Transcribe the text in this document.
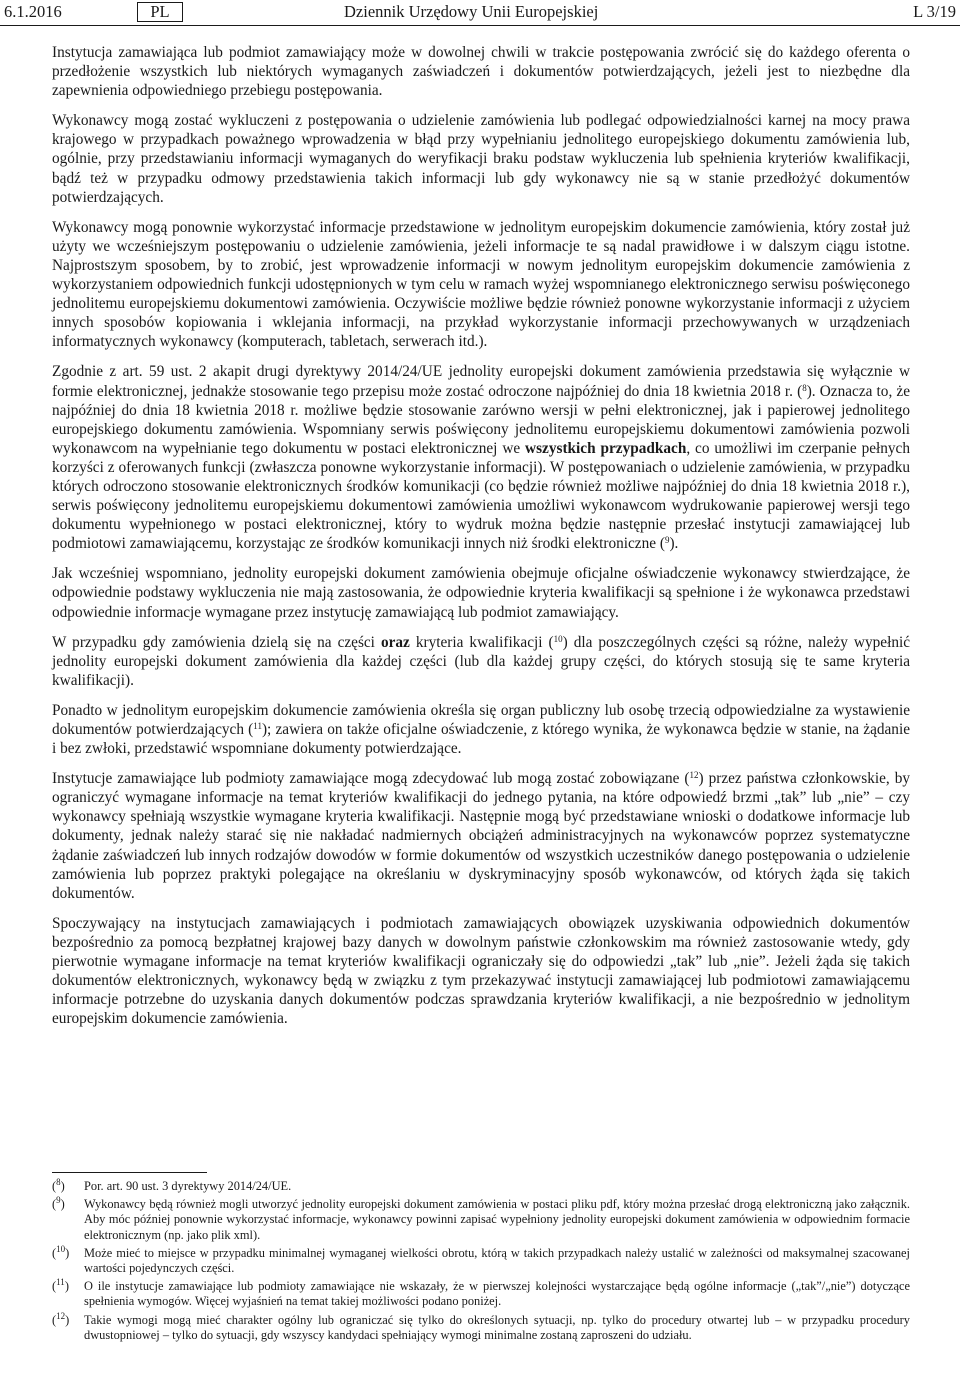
6.1.2016	PL	Dziennik Urzędowy Unii Europejskiej	L 3/19

Instytucja zamawiająca lub podmiot zamawiający może w dowolnej chwili w trakcie postępowania zwrócić się do każdego oferenta o przedłożenie wszystkich lub niektórych wymaganych zaświadczeń i dokumentów potwierdzających, jeżeli jest to niezbędne dla zapewnienia odpowiedniego przebiegu postępowania.

Wykonawcy mogą zostać wykluczeni z postępowania o udzielenie zamówienia lub podlegać odpowiedzialności karnej na mocy prawa krajowego w przypadkach poważnego wprowadzenia w błąd przy wypełnianiu jednolitego europejskiego dokumentu zamówienia lub, ogólnie, przy przedstawianiu informacji wymaganych do weryfikacji braku podstaw wykluczenia lub spełnienia kryteriów kwalifikacji, bądź też w przypadku odmowy przedstawienia takich informacji lub gdy wykonawcy nie są w stanie przedłożyć dokumentów potwierdzających.

Wykonawcy mogą ponownie wykorzystać informacje przedstawione w jednolitym europejskim dokumencie zamówienia, który został już użyty we wcześniejszym postępowaniu o udzielenie zamówienia, jeżeli informacje te są nadal prawidłowe i w dalszym ciągu istotne. Najprostszym sposobem, by to zrobić, jest wprowadzenie informacji w nowym jednolitym europejskim dokumencie zamówienia z wykorzystaniem odpowiednich funkcji udostępnionych w tym celu w ramach wyżej wspomnianego elektronicznego serwisu poświęconego jednolitemu europejskiemu dokumentowi zamówienia. Oczywiście możliwe będzie również ponowne wykorzystanie informacji z użyciem innych sposobów kopiowania i wklejania informacji, na przykład wykorzystanie informacji przechowywanych w urządzeniach informatycznych wykonawcy (komputerach, tabletach, serwerach itd.).

Zgodnie z art. 59 ust. 2 akapit drugi dyrektywy 2014/24/UE jednolity europejski dokument zamówienia przedstawia się wyłącznie w formie elektronicznej, jednakże stosowanie tego przepisu może zostać odroczone najpóźniej do dnia 18 kwietnia 2018 r. ($^8$). Oznacza to, że najpóźniej do dnia 18 kwietnia 2018 r. możliwe będzie stosowanie zarówno wersji w pełni elektronicznej, jak i papierowej jednolitego europejskiego dokumentu zamówienia. Wspomniany serwis poświęcony jednolitemu europejskiemu dokumentowi zamówienia pozwoli wykonawcom na wypełnianie tego dokumentu w postaci elektronicznej we wszystkich przypadkach, co umożliwi im czerpanie pełnych korzyści z oferowanych funkcji (zwłaszcza ponowne wykorzystanie informacji). W postępowaniach o udzielenie zamówienia, w przypadku których odroczono stosowanie elektronicznych środków komunikacji (co będzie również możliwe najpóźniej do dnia 18 kwietnia 2018 r.), serwis poświęcony jednolitemu europejskiemu dokumentowi zamówienia umożliwi wykonawcom wydrukowanie papierowej wersji tego dokumentu wypełnionego w postaci elektronicznej, który to wydruk można będzie następnie przesłać instytucji zamawiającej lub podmiotowi zamawiającemu, korzystając ze środków komunikacji innych niż środki elektroniczne ($^9$).

Jak wcześniej wspomniano, jednolity europejski dokument zamówienia obejmuje oficjalne oświadczenie wykonawcy stwierdzające, że odpowiednie podstawy wykluczenia nie mają zastosowania, że odpowiednie kryteria kwalifikacji są spełnione i że wykonawca przedstawi odpowiednie informacje wymagane przez instytucję zamawiającą lub podmiot zamawiający.

W przypadku gdy zamówienia dzielą się na części oraz kryteria kwalifikacji ($^{10}$) dla poszczególnych części są różne, należy wypełnić jednolity europejski dokument zamówienia dla każdej części (lub dla każdej grupy części, do których stosują się te same kryteria kwalifikacji).

Ponadto w jednolitym europejskim dokumencie zamówienia określa się organ publiczny lub osobę trzecią odpowiedzialne za wystawienie dokumentów potwierdzających ($^{11}$); zawiera on także oficjalne oświadczenie, z którego wynika, że wykonawca będzie w stanie, na żądanie i bez zwłoki, przedstawić wspomniane dokumenty potwierdzające.

Instytucje zamawiające lub podmioty zamawiające mogą zdecydować lub mogą zostać zobowiązane ($^{12}$) przez państwa członkowskie, by ograniczyć wymagane informacje na temat kryteriów kwalifikacji do jednego pytania, na które odpowiedź brzmi „tak” lub „nie” – czy wykonawcy spełniają wszystkie wymagane kryteria kwalifikacji. Następnie mogą być przedstawiane wnioski o dodatkowe informacje lub dokumenty, jednak należy starać się nie nakładać nadmiernych obciążeń administracyjnych na wykonawców poprzez systematyczne żądanie zaświadczeń lub innych rodzajów dowodów w formie dokumentów od wszystkich uczestników danego postępowania o udzielenie zamówienia lub poprzez praktyki polegające na określaniu w dyskryminacyjny sposób wykonawców, od których żąda się takich dokumentów.

Spoczywający na instytucjach zamawiających i podmiotach zamawiających obowiązek uzyskiwania odpowiednich dokumentów bezpośrednio za pomocą bezpłatnej krajowej bazy danych w dowolnym państwie członkowskim ma również zastosowanie wtedy, gdy pierwotnie wymagane informacje na temat kryteriów kwalifikacji ograniczały się do odpowiedzi „tak” lub „nie”. Jeżeli żąda się takich dokumentów elektronicznych, wykonawcy będą w związku z tym przekazywać instytucji zamawiającej lub podmiotowi zamawiającemu informacje potrzebne do uzyskania danych dokumentów podczas sprawdzania kryteriów kwalifikacji, a nie bezpośrednio w jednolitym europejskim dokumencie zamówienia.

($^8$) Por. art. 90 ust. 3 dyrektywy 2014/24/UE.
($^9$) Wykonawcy będą również mogli utworzyć jednolity europejski dokument zamówienia w postaci pliku pdf, który można przesłać drogą elektroniczną jako załącznik. Aby móc później ponownie wykorzystać informacje, wykonawcy powinni zapisać wypełniony jednolity europejski dokument zamówienia w odpowiednim formacie elektronicznym (np. jako plik xml).
($^{10}$) Może mieć to miejsce w przypadku minimalnej wymaganej wielkości obrotu, którą w takich przypadkach należy ustalić w zależności od maksymalnej szacowanej wartości pojedynczych części.
($^{11}$) O ile instytucje zamawiające lub podmioty zamawiające nie wskazały, że w pierwszej kolejności wystarczające będą ogólne informacje („tak”/„nie”) dotyczące spełnienia wymogów. Więcej wyjaśnień na temat takiej możliwości podano poniżej.
($^{12}$) Takie wymogi mogą mieć charakter ogólny lub ograniczać się tylko do określonych sytuacji, np. tylko do procedury otwartej lub – w przypadku procedury dwustopniowej – tylko do sytuacji, gdy wszyscy kandydaci spełniający wymogi minimalne zostaną zaproszeni do udziału.
